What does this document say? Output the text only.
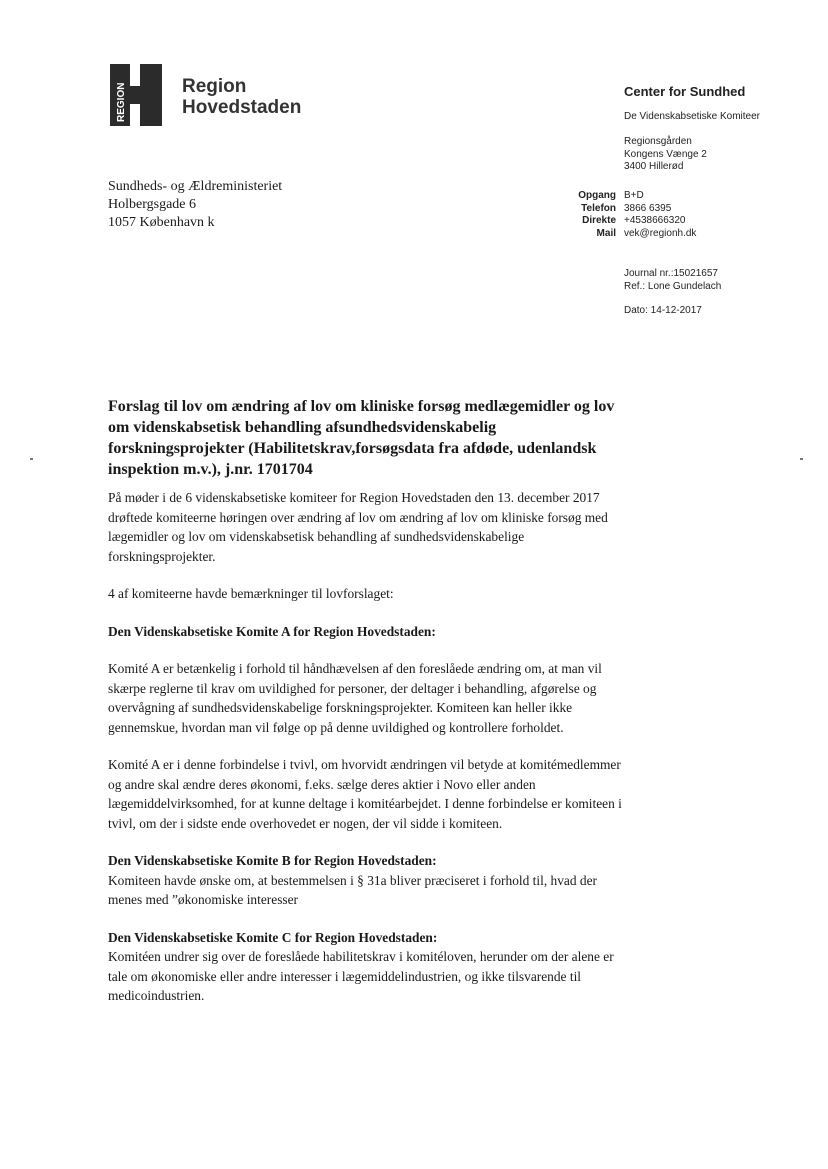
REGION	Region
Hovedstaden
Center for Sundhed
De Videnskabsetiske Komiteer
Regionsgården
Kongens Vænge 2
3400 Hillerød
Opgang B+D
Telefon 3866 6395
Direkte +4538666320
Mail vek@regionh.dk
Journal nr.:15021657
Ref.: Lone Gundelach
Dato: 14-12-2017
Sundheds- og Ældreministeriet
Holbergsgade 6
1057 København k
Forslag til lov om ændring af lov om kliniske forsøg medlægemidler og lov om videnskabsetisk behandling afsundhedsvidenskabelig forskningsprojekter (Habilitetskrav,forsøgsdata fra afdøde, udenlandsk inspektion m.v.), j.nr. 1701704

På møder i de 6 videnskabsetiske komiteer for Region Hovedstaden den 13. december 2017 drøftede komiteerne høringen over ændring af lov om ændring af lov om kliniske forsøg med lægemidler og lov om videnskabsetisk behandling af sundhedsvidenskabelige forskningsprojekter.

4 af komiteerne havde bemærkninger til lovforslaget:

Den Videnskabsetiske Komite A for Region Hovedstaden:

Komité A er betænkelig i forhold til håndhævelsen af den foreslåede ændring om, at man vil skærpe reglerne til krav om uvildighed for personer, der deltager i behandling, afgørelse og overvågning af sundhedsvidenskabelige forskningsprojekter. Komiteen kan heller ikke gennemskue, hvordan man vil følge op på denne uvildighed og kontrollere forholdet.

Komité A er i denne forbindelse i tvivl, om hvorvidt ændringen vil betyde at komitémedlemmer og andre skal ændre deres økonomi, f.eks. sælge deres aktier i Novo eller anden lægemiddelvirksomhed, for at kunne deltage i komitéarbejdet. I denne forbindelse er komiteen i tvivl, om der i sidste ende overhovedet er nogen, der vil sidde i komiteen.

Den Videnskabsetiske Komite B for Region Hovedstaden:

Komiteen havde ønske om, at bestemmelsen i § 31a bliver præciseret i forhold til, hvad der menes med ”økonomiske interesser

Den Videnskabsetiske Komite C for Region Hovedstaden:

Komitéen undrer sig over de foreslåede habilitetskrav i komitéloven, herunder om der alene er tale om økonomiske eller andre interesser i lægemiddelindustrien, og ikke tilsvarende til medicoindustrien.
